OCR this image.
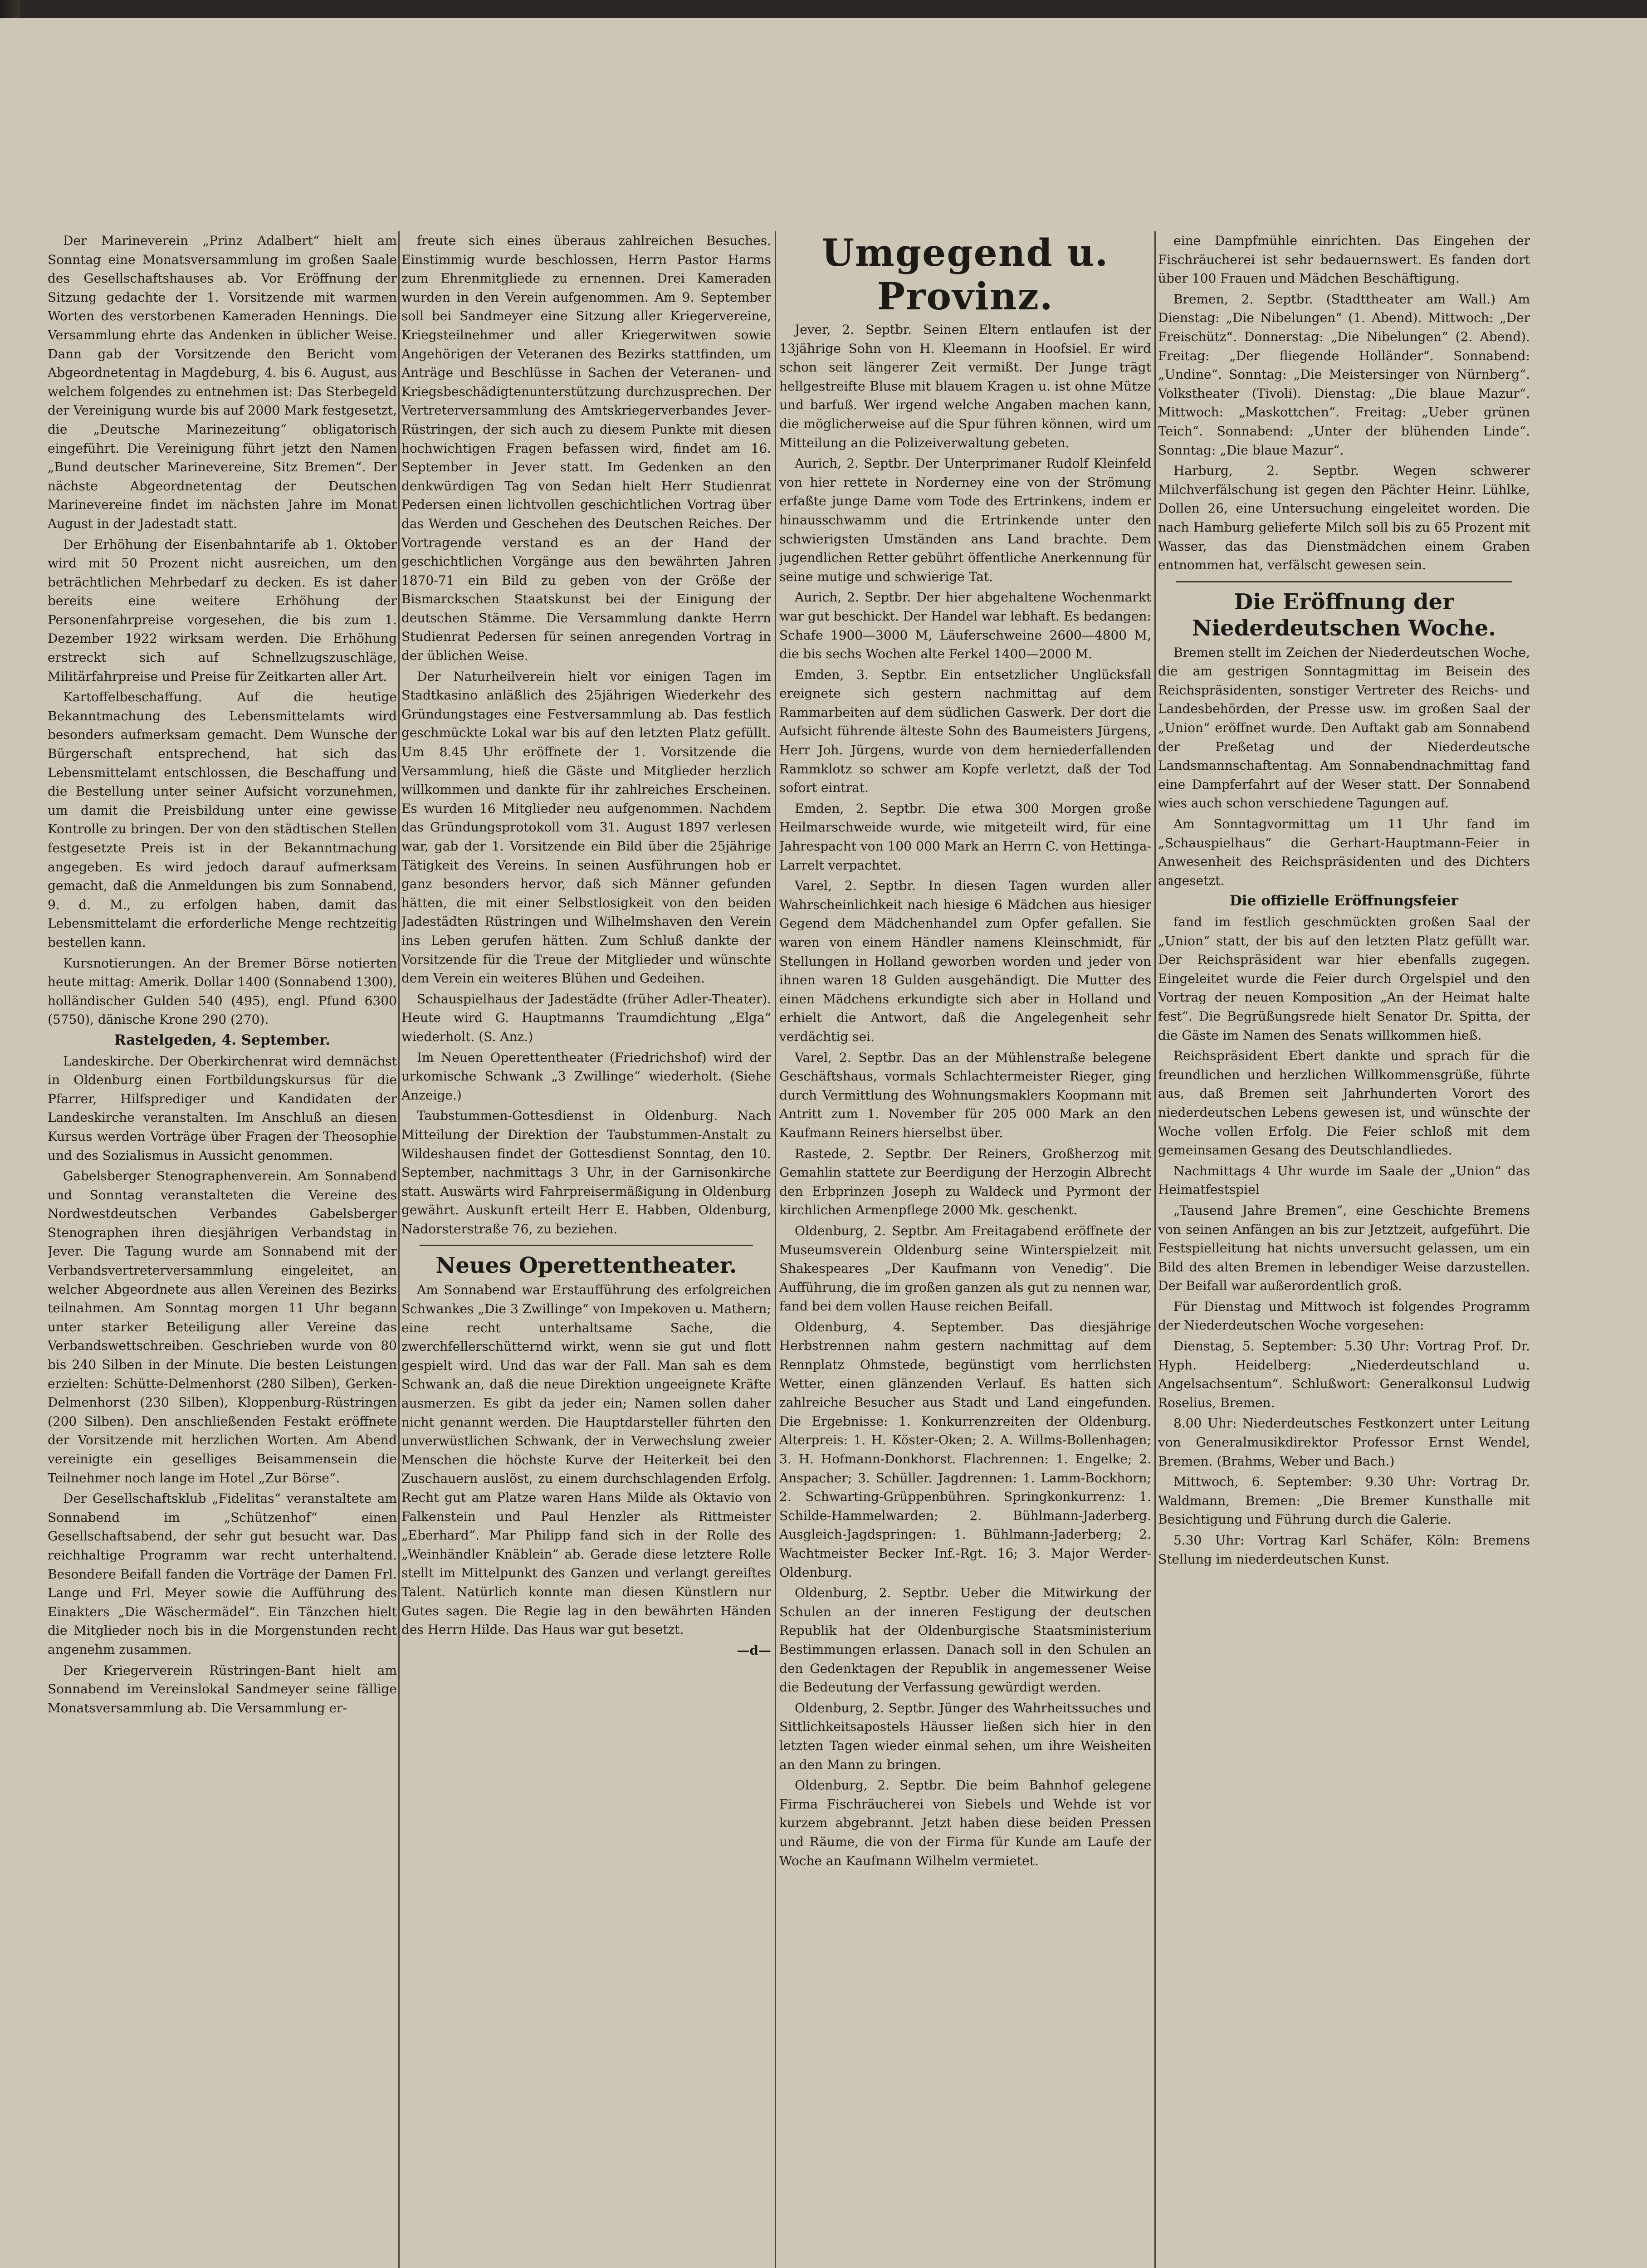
Der Marineverein „Prinz Adalbert“ hielt am Sonntag eine Monatsversammlung im großen Saale des Gesellschaftshauses ab. Vor Eröffnung der Sitzung gedachte der 1. Vorsitzende mit warmen Worten des verstorbenen Kameraden Hennings. Die Versammlung ehrte das Andenken in üblicher Weise. Dann gab der Vorsitzende den Bericht vom Abgeordnetentag in Magdeburg, 4. bis 6. August, aus welchem folgendes zu entnehmen ist: Das Sterbegeld der Vereinigung wurde bis auf 2000 Mark festgesetzt, die „Deutsche Marinezeitung“ obligatorisch eingeführt. Die Vereinigung führt jetzt den Namen „Bund deutscher Marinevereine, Sitz Bremen“. Der nächste Abgeordnetentag der Deutschen Marinevereine findet im nächsten Jahre im Monat August in der Jadestadt statt.

Der Erhöhung der Eisenbahntarife ab 1. Oktober wird mit 50 Prozent nicht ausreichen, um den beträchtlichen Mehrbedarf zu decken. Es ist daher bereits eine weitere Erhöhung der Personenfahrpreise vorgesehen, die bis zum 1. Dezember 1922 wirksam werden. Die Erhöhung erstreckt sich auf Schnellzugszuschläge, Militärfahrpreise und Preise für Zeitkarten aller Art.

Kartoffelbeschaffung. Auf die heutige Bekanntmachung des Lebensmittelamts wird besonders aufmerksam gemacht. Dem Wunsche der Bürgerschaft entsprechend, hat sich das Lebensmittelamt entschlossen, die Beschaffung und die Bestellung unter seiner Aufsicht vorzunehmen, um damit die Preisbildung unter eine gewisse Kontrolle zu bringen. Der von den städtischen Stellen festgesetzte Preis ist in der Bekanntmachung angegeben. Es wird jedoch darauf aufmerksam gemacht, daß die Anmeldungen bis zum Sonnabend, 9. d. M., zu erfolgen haben, damit das Lebensmittelamt die erforderliche Menge rechtzeitig bestellen kann.

Kursnotierungen. An der Bremer Börse notierten heute mittag: Amerik. Dollar 1400 (Sonnabend 1300), holländischer Gulden 540 (495), engl. Pfund 6300 (5750), dänische Krone 290 (270).

Rastelgeden, 4. September.

Landeskirche. Der Oberkirchenrat wird demnächst in Oldenburg einen Fortbildungskursus für die Pfarrer, Hilfsprediger und Kandidaten der Landeskirche veranstalten. Im Anschluß an diesen Kursus werden Vorträge über Fragen der Theosophie und des Sozialismus in Aussicht genommen.

Gabelsberger Stenographenverein. Am Sonnabend und Sonntag veranstalteten die Vereine des Nordwestdeutschen Verbandes Gabelsberger Stenographen ihren diesjährigen Verbandstag in Jever. Die Tagung wurde am Sonnabend mit der Verbandsvertreterversammlung eingeleitet, an welcher Abgeordnete aus allen Vereinen des Bezirks teilnahmen. Am Sonntag morgen 11 Uhr begann unter starker Beteiligung aller Vereine das Verbandswettschreiben. Geschrieben wurde von 80 bis 240 Silben in der Minute. Die besten Leistungen erzielten: Schütte-Delmenhorst (280 Silben), Gerken-Delmenhorst (230 Silben), Kloppenburg-Rüstringen (200 Silben). Den anschließenden Festakt eröffnete der Vorsitzende mit herzlichen Worten. Am Abend vereinigte ein geselliges Beisammensein die Teilnehmer noch lange im Hotel „Zur Börse“.

Der Gesellschaftsklub „Fidelitas“ veranstaltete am Sonnabend im „Schützenhof“ einen Gesellschaftsabend, der sehr gut besucht war. Das reichhaltige Programm war recht unterhaltend. Besondere Beifall fanden die Vorträge der Damen Frl. Lange und Frl. Meyer sowie die Aufführung des Einakters „Die Wäschermädel“. Ein Tänzchen hielt die Mitglieder noch bis in die Morgenstunden recht angenehm zusammen.

Der Kriegerverein Rüstringen-Bant hielt am Sonnabend im Vereinslokal Sandmeyer seine fällige Monatsversammlung ab. Die Versammlung er-

freute sich eines überaus zahlreichen Besuches. Einstimmig wurde beschlossen, Herrn Pastor Harms zum Ehrenmitgliede zu ernennen. Drei Kameraden wurden in den Verein aufgenommen. Am 9. September soll bei Sandmeyer eine Sitzung aller Kriegervereine, Kriegsteilnehmer und aller Kriegerwitwen sowie Angehörigen der Veteranen des Bezirks stattfinden, um Anträge und Beschlüsse in Sachen der Veteranen- und Kriegsbeschädigtenunterstützung durchzusprechen. Der Vertreterversammlung des Amtskriegerverbandes Jever-Rüstringen, der sich auch zu diesem Punkte mit diesen hochwichtigen Fragen befassen wird, findet am 16. September in Jever statt. Im Gedenken an den denkwürdigen Tag von Sedan hielt Herr Studienrat Pedersen einen lichtvollen geschichtlichen Vortrag über das Werden und Geschehen des Deutschen Reiches. Der Vortragende verstand es an der Hand der geschichtlichen Vorgänge aus den bewährten Jahren 1870-71 ein Bild zu geben von der Größe der Bismarckschen Staatskunst bei der Einigung der deutschen Stämme. Die Versammlung dankte Herrn Studienrat Pedersen für seinen anregenden Vortrag in der üblichen Weise.

Der Naturheilverein hielt vor einigen Tagen im Stadtkasino anläßlich des 25jährigen Wiederkehr des Gründungstages eine Festversammlung ab. Das festlich geschmückte Lokal war bis auf den letzten Platz gefüllt. Um 8.45 Uhr eröffnete der 1. Vorsitzende die Versammlung, hieß die Gäste und Mitglieder herzlich willkommen und dankte für ihr zahlreiches Erscheinen. Es wurden 16 Mitglieder neu aufgenommen. Nachdem das Gründungsprotokoll vom 31. August 1897 verlesen war, gab der 1. Vorsitzende ein Bild über die 25jährige Tätigkeit des Vereins. In seinen Ausführungen hob er ganz besonders hervor, daß sich Männer gefunden hätten, die mit einer Selbstlosigkeit von den beiden Jadestädten Rüstringen und Wilhelmshaven den Verein ins Leben gerufen hätten. Zum Schluß dankte der Vorsitzende für die Treue der Mitglieder und wünschte dem Verein ein weiteres Blühen und Gedeihen.

Schauspielhaus der Jadestädte (früher Adler-Theater). Heute wird G. Hauptmanns Traumdichtung „Elga“ wiederholt. (S. Anz.)

Im Neuen Operettentheater (Friedrichshof) wird der urkomische Schwank „3 Zwillinge“ wiederholt. (Siehe Anzeige.)

Taubstummen-Gottesdienst in Oldenburg. Nach Mitteilung der Direktion der Taubstummen-Anstalt zu Wildeshausen findet der Gottesdienst Sonntag, den 10. September, nachmittags 3 Uhr, in der Garnisonkirche statt. Auswärts wird Fahrpreisermäßigung in Oldenburg gewährt. Auskunft erteilt Herr E. Habben, Oldenburg, Nadorsterstraße 76, zu beziehen.

Neues Operettentheater.

Am Sonnabend war Erstaufführung des erfolgreichen Schwankes „Die 3 Zwillinge“ von Impekoven u. Mathern; eine recht unterhaltsame Sache, die zwerchfellerschütternd wirkt, wenn sie gut und flott gespielt wird. Und das war der Fall. Man sah es dem Schwank an, daß die neue Direktion ungeeignete Kräfte ausmerzen. Es gibt da jeder ein; Namen sollen daher nicht genannt werden. Die Hauptdarsteller führten den unverwüstlichen Schwank, der in Verwechslung zweier Menschen die höchste Kurve der Heiterkeit bei den Zuschauern auslöst, zu einem durchschlagenden Erfolg. Recht gut am Platze waren Hans Milde als Oktavio von Falkenstein und Paul Henzler als Rittmeister „Eberhard“. Mar Philipp fand sich in der Rolle des „Weinhändler Knäblein“ ab. Gerade diese letztere Rolle stellt im Mittelpunkt des Ganzen und verlangt gereiftes Talent. Natürlich konnte man diesen Künstlern nur Gutes sagen. Die Regie lag in den bewährten Händen des Herrn Hilde. Das Haus war gut besetzt.

—d—

Umgegend u. Provinz.

Jever, 2. Septbr. Seinen Eltern entlaufen ist der 13jährige Sohn von H. Kleemann in Hoofsiel. Er wird schon seit längerer Zeit vermißt. Der Junge trägt hellgestreifte Bluse mit blauem Kragen u. ist ohne Mütze und barfuß. Wer irgend welche Angaben machen kann, die möglicherweise auf die Spur führen können, wird um Mitteilung an die Polizeiverwaltung gebeten.

Aurich, 2. Septbr. Der Unterprimaner Rudolf Kleinfeld von hier rettete in Norderney eine von der Strömung erfaßte junge Dame vom Tode des Ertrinkens, indem er hinausschwamm und die Ertrinkende unter den schwierigsten Umständen ans Land brachte. Dem jugendlichen Retter gebührt öffentliche Anerkennung für seine mutige und schwierige Tat.

Aurich, 2. Septbr. Der hier abgehaltene Wochenmarkt war gut beschickt. Der Handel war lebhaft. Es bedangen: Schafe 1900—3000 M, Läuferschweine 2600—4800 M, die bis sechs Wochen alte Ferkel 1400—2000 M.

Emden, 3. Septbr. Ein entsetzlicher Unglücksfall ereignete sich gestern nachmittag auf dem Rammarbeiten auf dem südlichen Gaswerk. Der dort die Aufsicht führende älteste Sohn des Baumeisters Jürgens, Herr Joh. Jürgens, wurde von dem herniederfallenden Rammklotz so schwer am Kopfe verletzt, daß der Tod sofort eintrat.

Emden, 2. Septbr. Die etwa 300 Morgen große Heilmarschweide wurde, wie mitgeteilt wird, für eine Jahrespacht von 100 000 Mark an Herrn C. von Hettinga-Larrelt verpachtet.

Varel, 2. Septbr. In diesen Tagen wurden aller Wahrscheinlichkeit nach hiesige 6 Mädchen aus hiesiger Gegend dem Mädchenhandel zum Opfer gefallen. Sie waren von einem Händler namens Kleinschmidt, für Stellungen in Holland geworben worden und jeder von ihnen waren 18 Gulden ausgehändigt. Die Mutter des einen Mädchens erkundigte sich aber in Holland und erhielt die Antwort, daß die Angelegenheit sehr verdächtig sei.

Varel, 2. Septbr. Das an der Mühlenstraße belegene Geschäftshaus, vormals Schlachtermeister Rieger, ging durch Vermittlung des Wohnungsmaklers Koopmann mit Antritt zum 1. November für 205 000 Mark an den Kaufmann Reiners hierselbst über.

Rastede, 2. Septbr. Der Reiners, Großherzog mit Gemahlin stattete zur Beerdigung der Herzogin Albrecht den Erbprinzen Joseph zu Waldeck und Pyrmont der kirchlichen Armenpflege 2000 Mk. geschenkt.

Oldenburg, 2. Septbr. Am Freitagabend eröffnete der Museumsverein Oldenburg seine Winterspielzeit mit Shakespeares „Der Kaufmann von Venedig“. Die Aufführung, die im großen ganzen als gut zu nennen war, fand bei dem vollen Hause reichen Beifall.

Oldenburg, 4. September. Das diesjährige Herbstrennen nahm gestern nachmittag auf dem Rennplatz Ohmstede, begünstigt vom herrlichsten Wetter, einen glänzenden Verlauf. Es hatten sich zahlreiche Besucher aus Stadt und Land eingefunden. Die Ergebnisse: 1. Konkurrenzreiten der Oldenburg. Alterpreis: 1. H. Köster-Oken; 2. A. Willms-Bollenhagen; 3. H. Hofmann-Donkhorst. Flachrennen: 1. Engelke; 2. Anspacher; 3. Schüller. Jagdrennen: 1. Lamm-Bockhorn; 2. Schwarting-Grüppenbühren. Springkonkurrenz: 1. Schilde-Hammelwarden; 2. Bühlmann-Jaderberg. Ausgleich-Jagdspringen: 1. Bühlmann-Jaderberg; 2. Wachtmeister Becker Inf.-Rgt. 16; 3. Major Werder-Oldenburg.

Oldenburg, 2. Septbr. Ueber die Mitwirkung der Schulen an der inneren Festigung der deutschen Republik hat der Oldenburgische Staatsministerium Bestimmungen erlassen. Danach soll in den Schulen an den Gedenktagen der Republik in angemessener Weise die Bedeutung der Verfassung gewürdigt werden.

Oldenburg, 2. Septbr. Jünger des Wahrheitssuches und Sittlichkeitsapostels Häusser ließen sich hier in den letzten Tagen wieder einmal sehen, um ihre Weisheiten an den Mann zu bringen.

Oldenburg, 2. Septbr. Die beim Bahnhof gelegene Firma Fischräucherei von Siebels und Wehde ist vor kurzem abgebrannt. Jetzt haben diese beiden Pressen und Räume, die von der Firma für Kunde am Laufe der Woche an Kaufmann Wilhelm vermietet.

eine Dampfmühle einrichten. Das Eingehen der Fischräucherei ist sehr bedauernswert. Es fanden dort über 100 Frauen und Mädchen Beschäftigung.

Bremen, 2. Septbr. (Stadttheater am Wall.) Am Dienstag: „Die Nibelungen“ (1. Abend). Mittwoch: „Der Freischütz“. Donnerstag: „Die Nibelungen“ (2. Abend). Freitag: „Der fliegende Holländer“. Sonnabend: „Undine“. Sonntag: „Die Meistersinger von Nürnberg“. Volkstheater (Tivoli). Dienstag: „Die blaue Mazur“. Mittwoch: „Maskottchen“. Freitag: „Ueber grünen Teich“. Sonnabend: „Unter der blühenden Linde“. Sonntag: „Die blaue Mazur“.

Harburg, 2. Septbr. Wegen schwerer Milchverfälschung ist gegen den Pächter Heinr. Lühlke, Dollen 26, eine Untersuchung eingeleitet worden. Die nach Hamburg gelieferte Milch soll bis zu 65 Prozent mit Wasser, das das Dienstmädchen einem Graben entnommen hat, verfälscht gewesen sein.

Die Eröffnung der Niederdeutschen Woche.

Bremen stellt im Zeichen der Niederdeutschen Woche, die am gestrigen Sonntagmittag im Beisein des Reichspräsidenten, sonstiger Vertreter des Reichs- und Landesbehörden, der Presse usw. im großen Saal der „Union“ eröffnet wurde. Den Auftakt gab am Sonnabend der Preßetag und der Niederdeutsche Landsmannschaftentag. Am Sonnabendnachmittag fand eine Dampferfahrt auf der Weser statt. Der Sonnabend wies auch schon verschiedene Tagungen auf.

Am Sonntagvormittag um 11 Uhr fand im „Schauspielhaus“ die Gerhart-Hauptmann-Feier in Anwesenheit des Reichspräsidenten und des Dichters angesetzt.

Die offizielle Eröffnungsfeier

fand im festlich geschmückten großen Saal der „Union“ statt, der bis auf den letzten Platz gefüllt war. Der Reichspräsident war hier ebenfalls zugegen. Eingeleitet wurde die Feier durch Orgelspiel und den Vortrag der neuen Komposition „An der Heimat halte fest“. Die Begrüßungsrede hielt Senator Dr. Spitta, der die Gäste im Namen des Senats willkommen hieß.

Reichspräsident Ebert dankte und sprach für die freundlichen und herzlichen Willkommensgrüße, führte aus, daß Bremen seit Jahrhunderten Vorort des niederdeutschen Lebens gewesen ist, und wünschte der Woche vollen Erfolg. Die Feier schloß mit dem gemeinsamen Gesang des Deutschlandliedes.

Nachmittags 4 Uhr wurde im Saale der „Union“ das Heimatfestspiel

„Tausend Jahre Bremen“, eine Geschichte Bremens von seinen Anfängen an bis zur Jetztzeit, aufgeführt. Die Festspielleitung hat nichts unversucht gelassen, um ein Bild des alten Bremen in lebendiger Weise darzustellen. Der Beifall war außerordentlich groß.

Für Dienstag und Mittwoch ist folgendes Programm der Niederdeutschen Woche vorgesehen:

Dienstag, 5. September: 5.30 Uhr: Vortrag Prof. Dr. Hyph. Heidelberg: „Niederdeutschland u. Angelsachsentum“. Schlußwort: Generalkonsul Ludwig Roselius, Bremen.

8.00 Uhr: Niederdeutsches Festkonzert unter Leitung von Generalmusikdirektor Professor Ernst Wendel, Bremen. (Brahms, Weber und Bach.)

Mittwoch, 6. September: 9.30 Uhr: Vortrag Dr. Waldmann, Bremen: „Die Bremer Kunsthalle mit Besichtigung und Führung durch die Galerie.

5.30 Uhr: Vortrag Karl Schäfer, Köln: Bremens Stellung im niederdeutschen Kunst.
